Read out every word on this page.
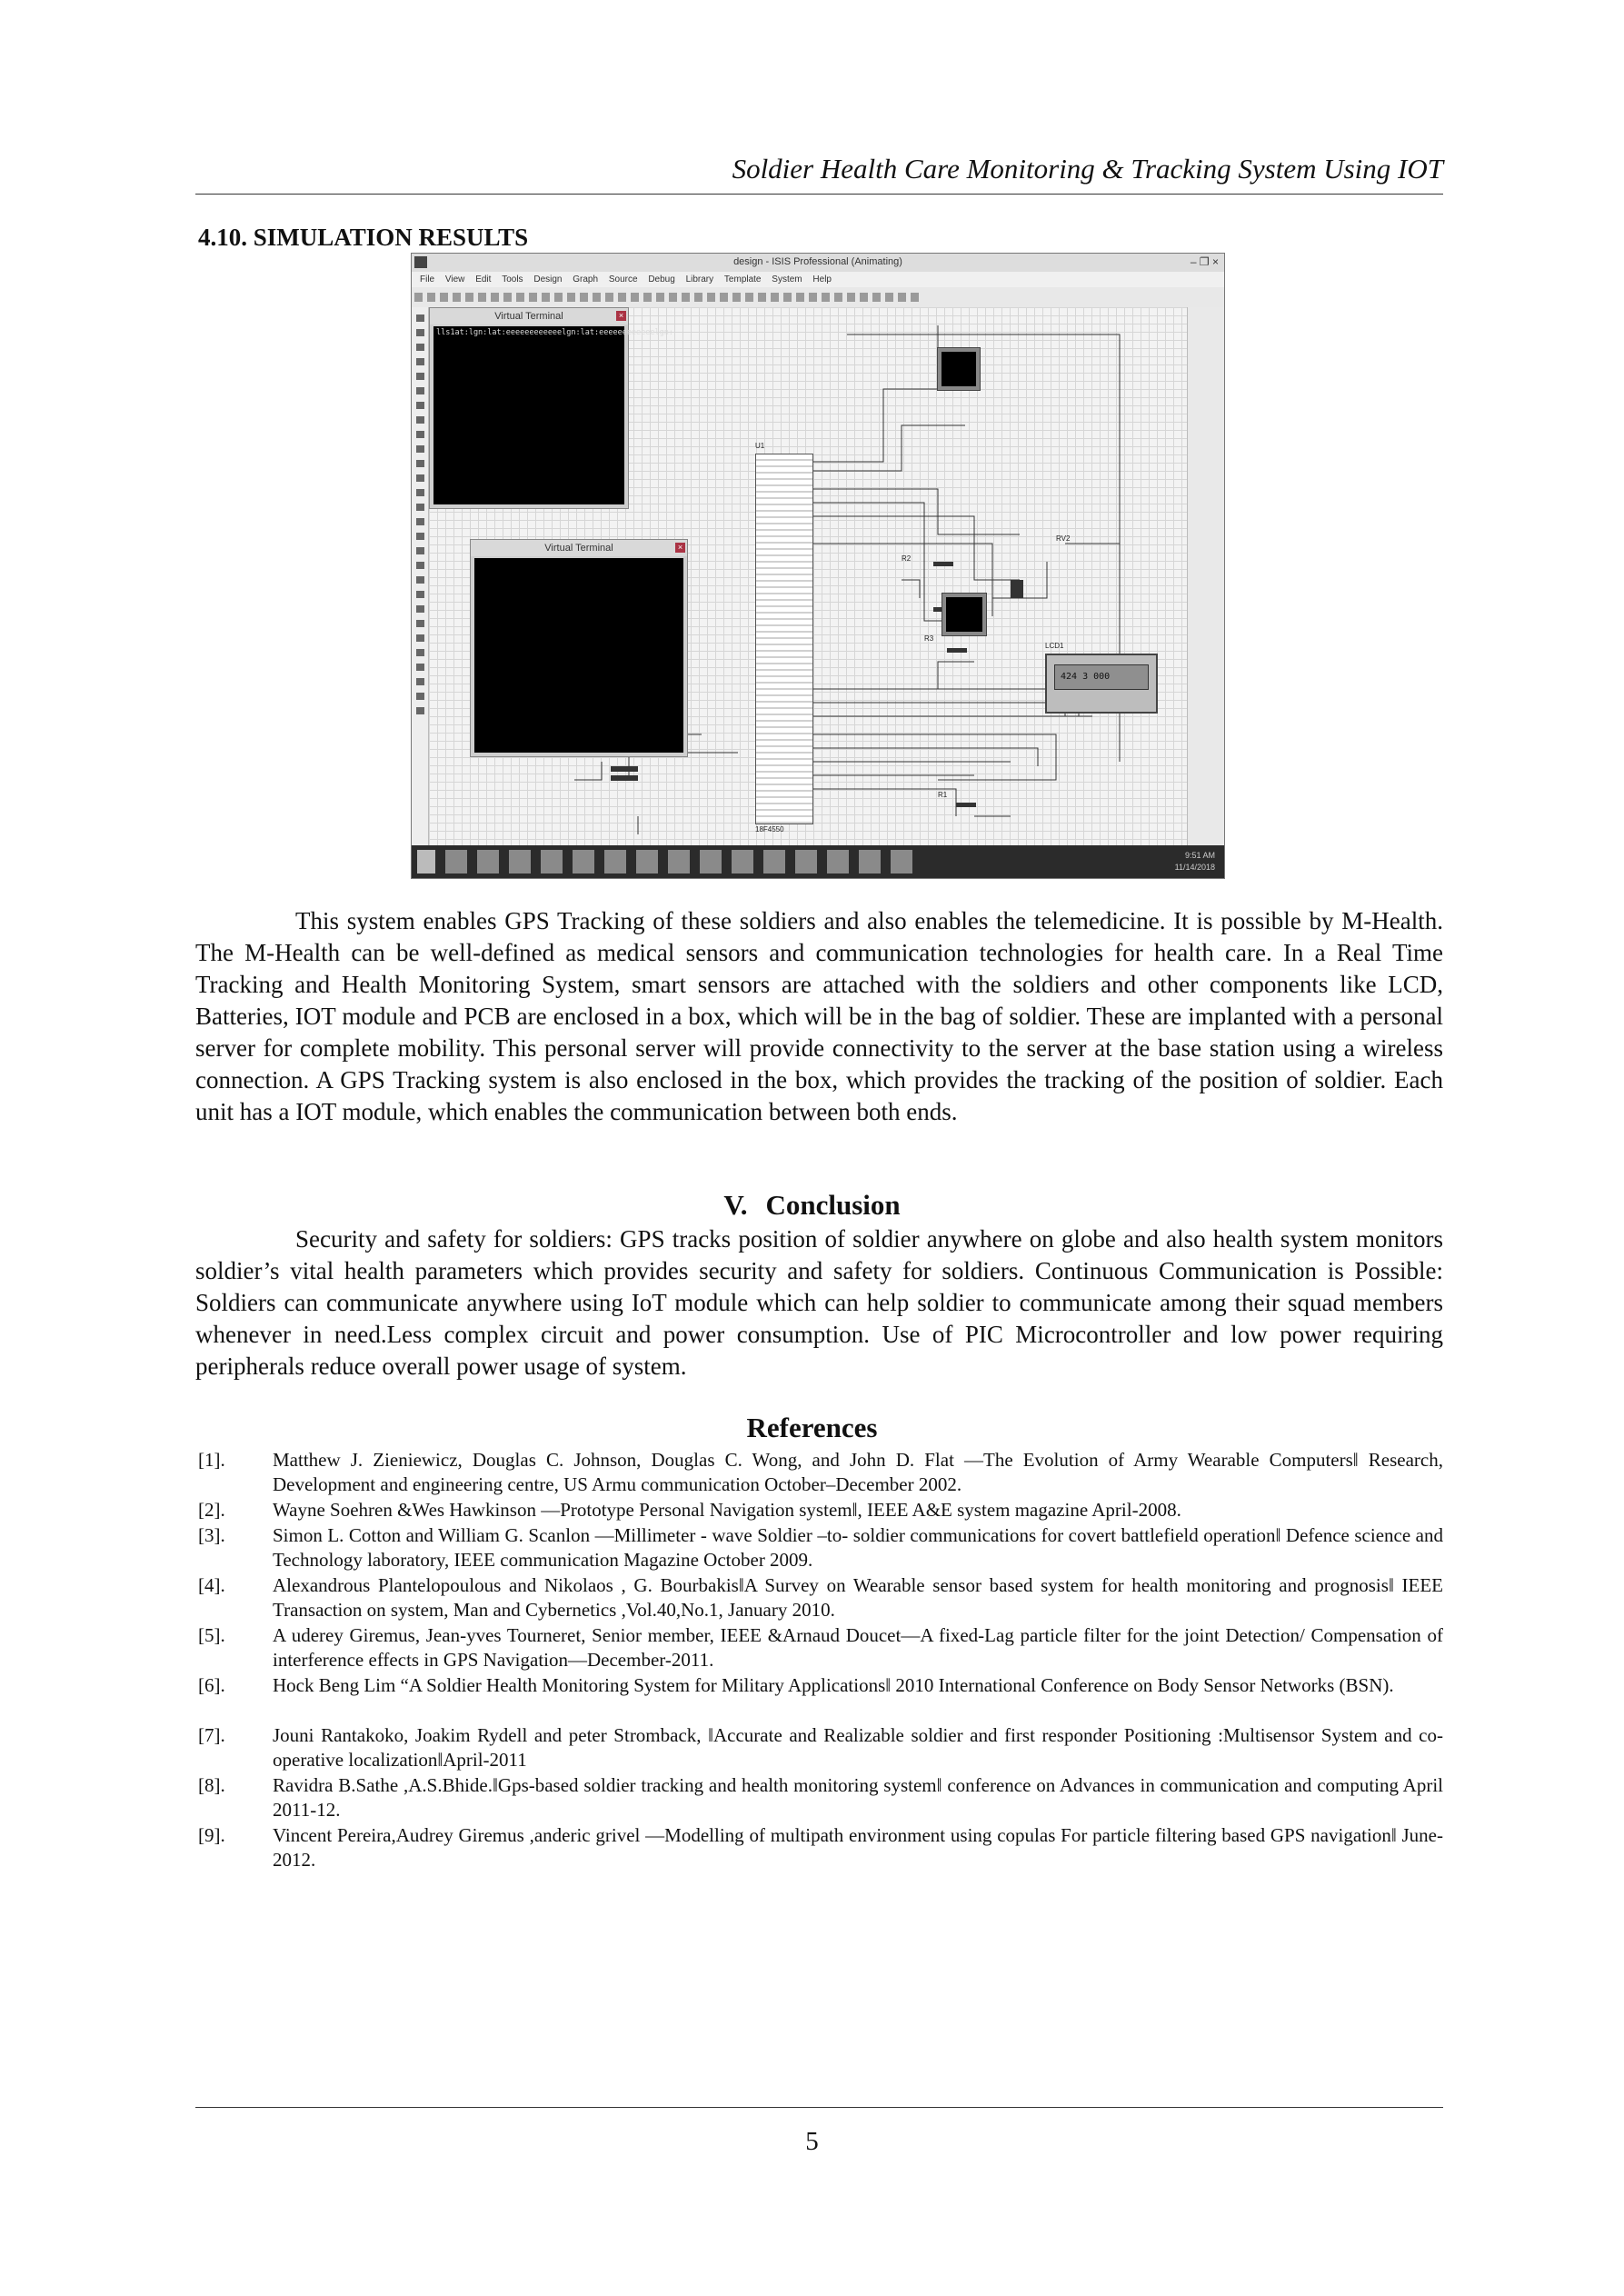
Soldier Health Care Monitoring & Tracking System Using IOT
4.10. SIMULATION RESULTS
design - ISIS Professional (Animating)	– ❐ ×
File View Edit Tools Design Graph Source Debug Library Template System Help
U1
18F4550
RV2
R2
R3
R1
LCD1
424 3 000
Virtual Terminal	×
lls1at:lgn:lat:eeeeeeeeeeeelgn:lat:eeeeeeeeeeeelgn:
Virtual Terminal	×
9:51 AM
11/14/2018

This system enables GPS Tracking of these soldiers and also enables the telemedicine. It is possible by M-Health. The M-Health can be well-defined as medical sensors and communication technologies for health care. In a Real Time Tracking and Health Monitoring System, smart sensors are attached with the soldiers and other components like LCD, Batteries, IOT module and PCB are enclosed in a box, which will be in the bag of soldier. These are implanted with a personal server for complete mobility. This personal server will provide connectivity to the server at the base station using a wireless connection. A GPS Tracking system is also enclosed in the box, which provides the tracking of the position of soldier. Each unit has a IOT module, which enables the communication between both ends.

V. Conclusion

Security and safety for soldiers: GPS tracks position of soldier anywhere on globe and also health system monitors soldier’s vital health parameters which provides security and safety for soldiers. Continuous Communication is Possible: Soldiers can communicate anywhere using IoT module which can help soldier to communicate among their squad members whenever in need.Less complex circuit and power consumption. Use of PIC Microcontroller and low power requiring peripherals reduce overall power usage of system.

References
[1]. Matthew J. Zieniewicz, Douglas C. Johnson, Douglas C. Wong, and John D. Flat ―The Evolution of Army Wearable Computers‖ Research, Development and engineering centre, US Armu communication October–December 2002.
[2]. Wayne Soehren &Wes Hawkinson ―Prototype Personal Navigation system‖, IEEE A&E system magazine April-2008.
[3]. Simon L. Cotton and William G. Scanlon ―Millimeter - wave Soldier –to- soldier communications for covert battlefield operation‖ Defence science and Technology laboratory, IEEE communication Magazine October 2009.
[4]. Alexandrous Plantelopoulous and Nikolaos , G. Bourbakis‖A Survey on Wearable sensor based system for health monitoring and prognosis‖ IEEE Transaction on system, Man and Cybernetics ,Vol.40,No.1, January 2010.
[5]. A uderey Giremus, Jean-yves Tourneret, Senior member, IEEE &Arnaud Doucet―A fixed-Lag particle filter for the joint Detection/ Compensation of interference effects in GPS Navigation―December-2011.
[6]. Hock Beng Lim “A Soldier Health Monitoring System for Military Applications‖ 2010 International Conference on Body Sensor Networks (BSN).
[7]. Jouni Rantakoko, Joakim Rydell and peter Stromback, ‖Accurate and Realizable soldier and first responder Positioning :Multisensor System and co-operative localization‖April-2011
[8]. Ravidra B.Sathe ,A.S.Bhide.‖Gps-based soldier tracking and health monitoring system‖ conference on Advances in communication and computing April 2011-12.
[9]. Vincent Pereira,Audrey Giremus ,anderic grivel ―Modelling of multipath environment using copulas For particle filtering based GPS navigation‖ June-2012.
5
